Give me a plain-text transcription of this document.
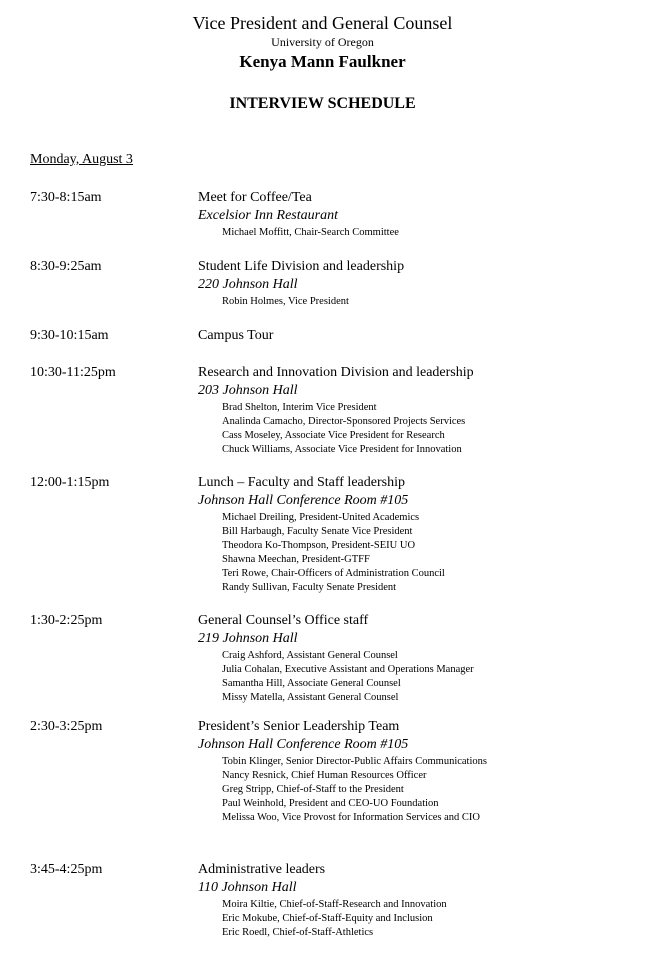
Vice President and General Counsel
University of Oregon
Kenya Mann Faulkner
INTERVIEW SCHEDULE
Monday, August 3
7:30-8:15am	Meet for Coffee/Tea
Excelsior Inn Restaurant
Michael Moffitt, Chair-Search Committee
8:30-9:25am	Student Life Division and leadership
220 Johnson Hall
Robin Holmes, Vice President
9:30-10:15am	Campus Tour
10:30-11:25pm	Research and Innovation Division and leadership
203 Johnson Hall
Brad Shelton, Interim Vice President
Analinda Camacho, Director-Sponsored Projects Services
Cass Moseley, Associate Vice President for Research
Chuck Williams, Associate Vice President for Innovation
12:00-1:15pm	Lunch – Faculty and Staff leadership
Johnson Hall Conference Room #105
Michael Dreiling, President-United Academics
Bill Harbaugh, Faculty Senate Vice President
Theodora Ko-Thompson, President-SEIU UO
Shawna Meechan, President-GTFF
Teri Rowe, Chair-Officers of Administration Council
Randy Sullivan, Faculty Senate President
1:30-2:25pm	General Counsel’s Office staff
219 Johnson Hall
Craig Ashford, Assistant General Counsel
Julia Cohalan, Executive Assistant and Operations Manager
Samantha Hill, Associate General Counsel
Missy Matella, Assistant General Counsel
2:30-3:25pm	President’s Senior Leadership Team
Johnson Hall Conference Room #105
Tobin Klinger, Senior Director-Public Affairs Communications
Nancy Resnick, Chief Human Resources Officer
Greg Stripp, Chief-of-Staff to the President
Paul Weinhold, President and CEO-UO Foundation
Melissa Woo, Vice Provost for Information Services and CIO
3:45-4:25pm	Administrative leaders
110 Johnson Hall
Moira Kiltie, Chief-of-Staff-Research and Innovation
Eric Mokube, Chief-of-Staff-Equity and Inclusion
Eric Roedl, Chief-of-Staff-Athletics
